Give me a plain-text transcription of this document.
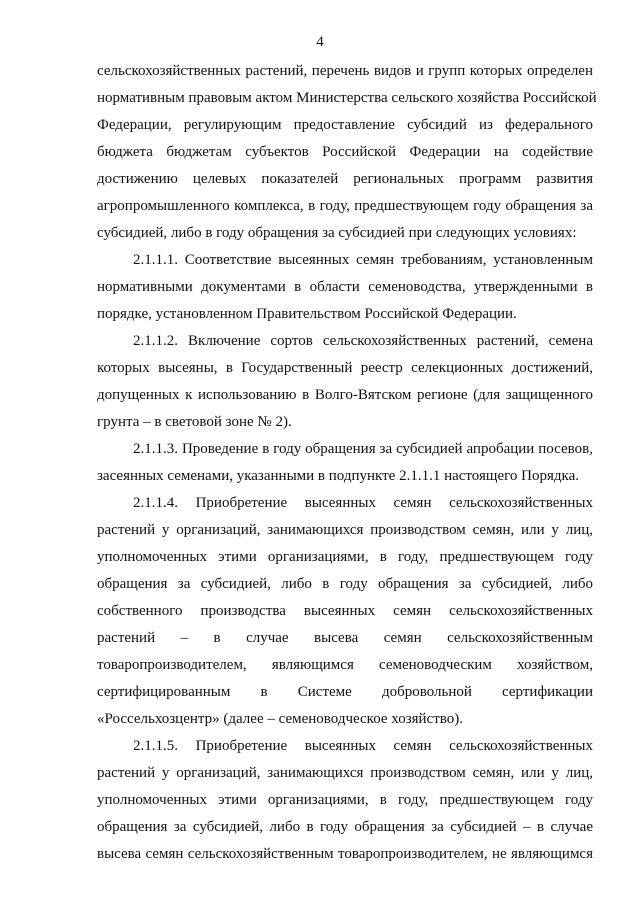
4
сельскохозяйственных растений, перечень видов и групп которых определен
нормативным правовым актом Министерства сельского хозяйства Российской
Федерации, регулирующим предоставление субсидий из федерального
бюджета бюджетам субъектов Российской Федерации на содействие
достижению целевых показателей региональных программ развития
агропромышленного комплекса, в году, предшествующем году обращения за
субсидией, либо в году обращения за субсидией при следующих условиях:
2.1.1.1. Соответствие высеянных семян требованиям, установленным
нормативными документами в области семеноводства, утвержденными в
порядке, установленном Правительством Российской Федерации.
2.1.1.2. Включение сортов сельскохозяйственных растений, семена
которых высеяны, в Государственный реестр селекционных достижений,
допущенных к использованию в Волго-Вятском регионе (для защищенного
грунта – в световой зоне № 2).
2.1.1.3. Проведение в году обращения за субсидией апробации посевов,
засеянных семенами, указанными в подпункте 2.1.1.1 настоящего Порядка.
2.1.1.4. Приобретение высеянных семян сельскохозяйственных
растений у организаций, занимающихся производством семян, или у лиц,
уполномоченных этими организациями, в году, предшествующем году
обращения за субсидией, либо в году обращения за субсидией, либо
собственного производства высеянных семян сельскохозяйственных
растений – в случае высева семян сельскохозяйственным
товаропроизводителем, являющимся семеноводческим хозяйством,
сертифицированным в Системе добровольной сертификации
«Россельхозцентр» (далее – семеноводческое хозяйство).
2.1.1.5. Приобретение высеянных семян сельскохозяйственных
растений у организаций, занимающихся производством семян, или у лиц,
уполномоченных этими организациями, в году, предшествующем году
обращения за субсидией, либо в году обращения за субсидией – в случае
высева семян сельскохозяйственным товаропроизводителем, не являющимся
